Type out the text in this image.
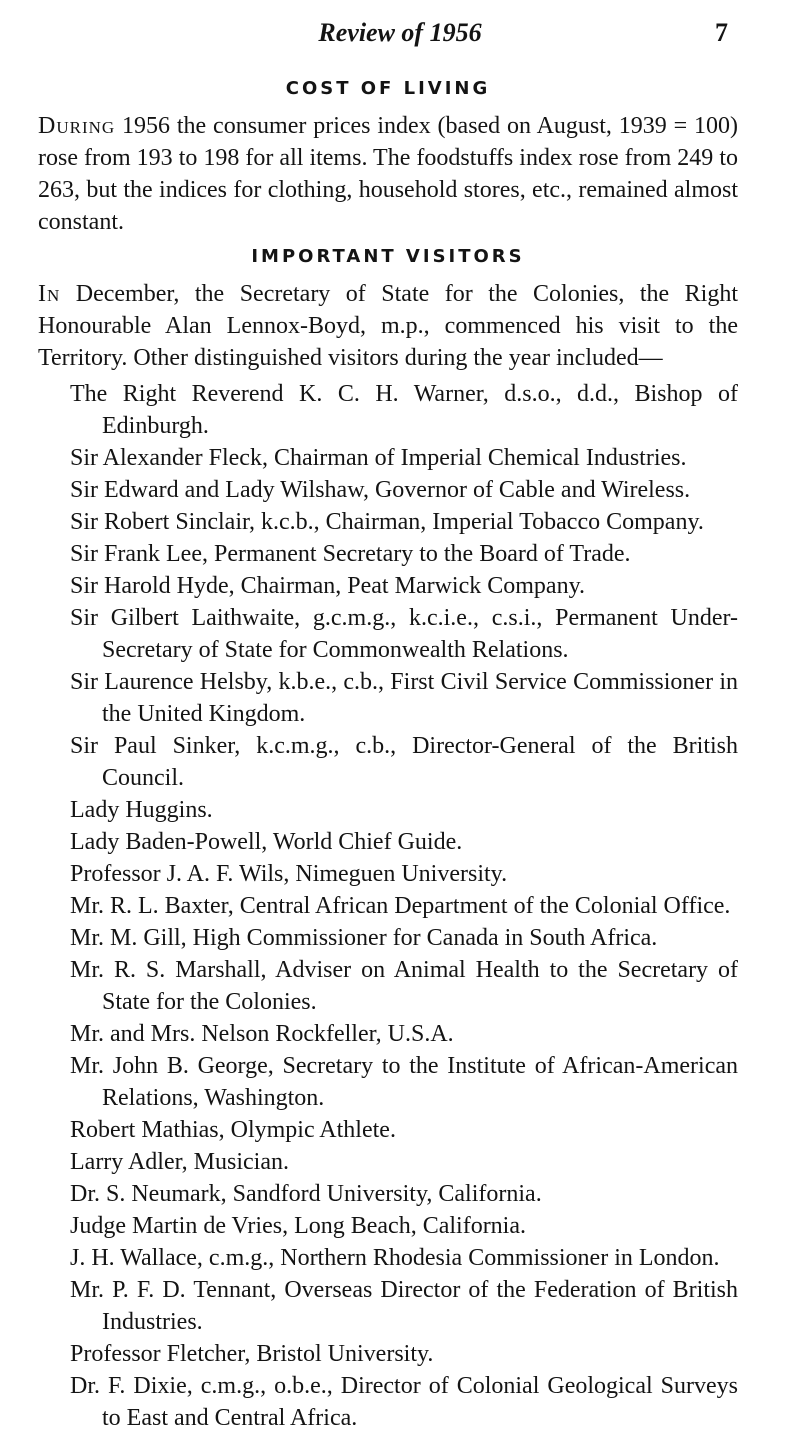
Review of 1956	7
COST OF LIVING

During 1956 the consumer prices index (based on August, 1939 = 100) rose from 193 to 198 for all items. The foodstuffs index rose from 249 to 263, but the indices for clothing, household stores, etc., remained almost constant.

IMPORTANT VISITORS

In December, the Secretary of State for the Colonies, the Right Honourable Alan Lennox-Boyd, m.p., commenced his visit to the Territory. Other distinguished visitors during the year included—

The Right Reverend K. C. H. Warner, d.s.o., d.d., Bishop of Edinburgh.
Sir Alexander Fleck, Chairman of Imperial Chemical Industries.
Sir Edward and Lady Wilshaw, Governor of Cable and Wireless.
Sir Robert Sinclair, k.c.b., Chairman, Imperial Tobacco Company.
Sir Frank Lee, Permanent Secretary to the Board of Trade.
Sir Harold Hyde, Chairman, Peat Marwick Company.
Sir Gilbert Laithwaite, g.c.m.g., k.c.i.e., c.s.i., Permanent Under-Secretary of State for Commonwealth Relations.
Sir Laurence Helsby, k.b.e., c.b., First Civil Service Commissioner in the United Kingdom.
Sir Paul Sinker, k.c.m.g., c.b., Director-General of the British Council.
Lady Huggins.
Lady Baden-Powell, World Chief Guide.
Professor J. A. F. Wils, Nimeguen University.
Mr. R. L. Baxter, Central African Department of the Colonial Office.
Mr. M. Gill, High Commissioner for Canada in South Africa.
Mr. R. S. Marshall, Adviser on Animal Health to the Secretary of State for the Colonies.
Mr. and Mrs. Nelson Rockfeller, U.S.A.
Mr. John B. George, Secretary to the Institute of African-American Relations, Washington.
Robert Mathias, Olympic Athlete.
Larry Adler, Musician.
Dr. S. Neumark, Sandford University, California.
Judge Martin de Vries, Long Beach, California.
J. H. Wallace, c.m.g., Northern Rhodesia Commissioner in London.
Mr. P. F. D. Tennant, Overseas Director of the Federation of British Industries.
Professor Fletcher, Bristol University.
Dr. F. Dixie, c.m.g., o.b.e., Director of Colonial Geological Surveys to East and Central Africa.
